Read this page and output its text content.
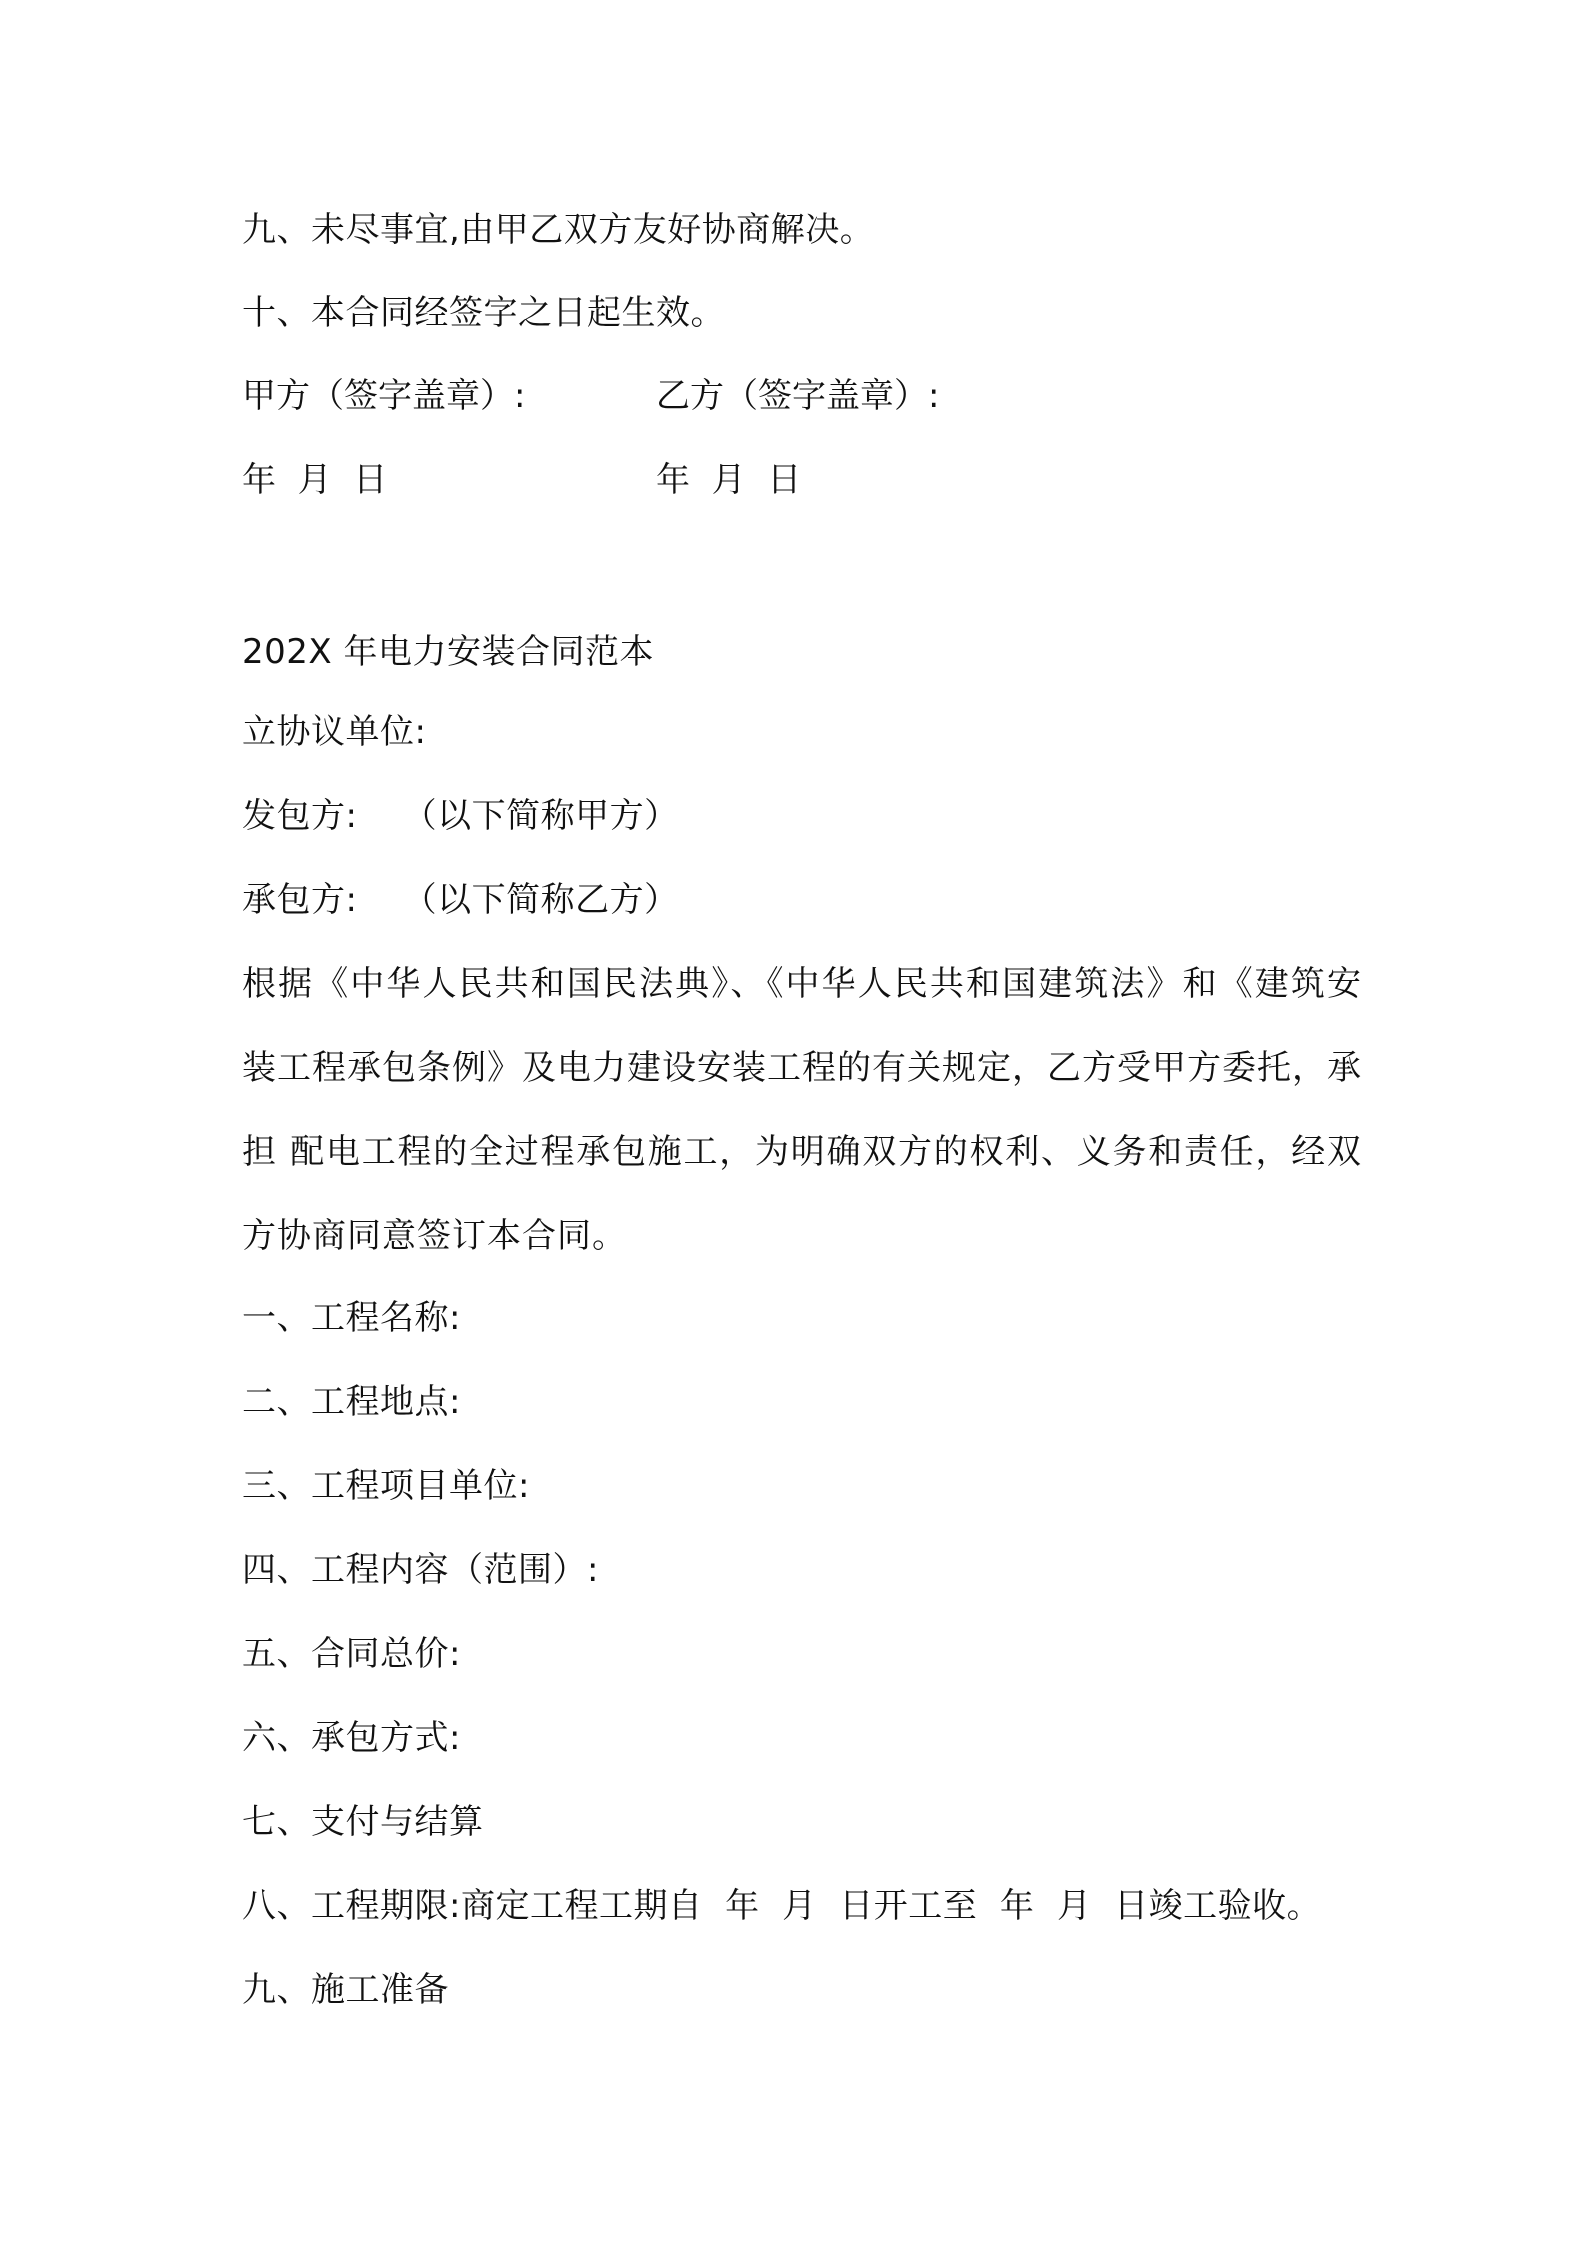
九、未尽事宜,由甲乙双方友好协商解决。
十、本合同经签字之日起生效。
甲方（签字盖章）:	乙方（签字盖章）:
年  月  日	年  月  日
202X 年电力安装合同范本
立协议单位:
发包方:    （以下简称甲方）
承包方:    （以下简称乙方）
根据《中华人民共和国民法典》、《中华人民共和国建筑法》和《建筑安装工程承包条例》及电力建设安装工程的有关规定，乙方受甲方委托，承担 配电工程的全过程承包施工，为明确双方的权利、义务和责任，经双方协商同意签订本合同。
一、工程名称:
二、工程地点:
三、工程项目单位:
四、工程内容（范围）:
五、合同总价:
六、承包方式:
七、支付与结算
八、工程期限:商定工程工期自  年  月  日开工至  年  月  日竣工验收。
九、施工准备
